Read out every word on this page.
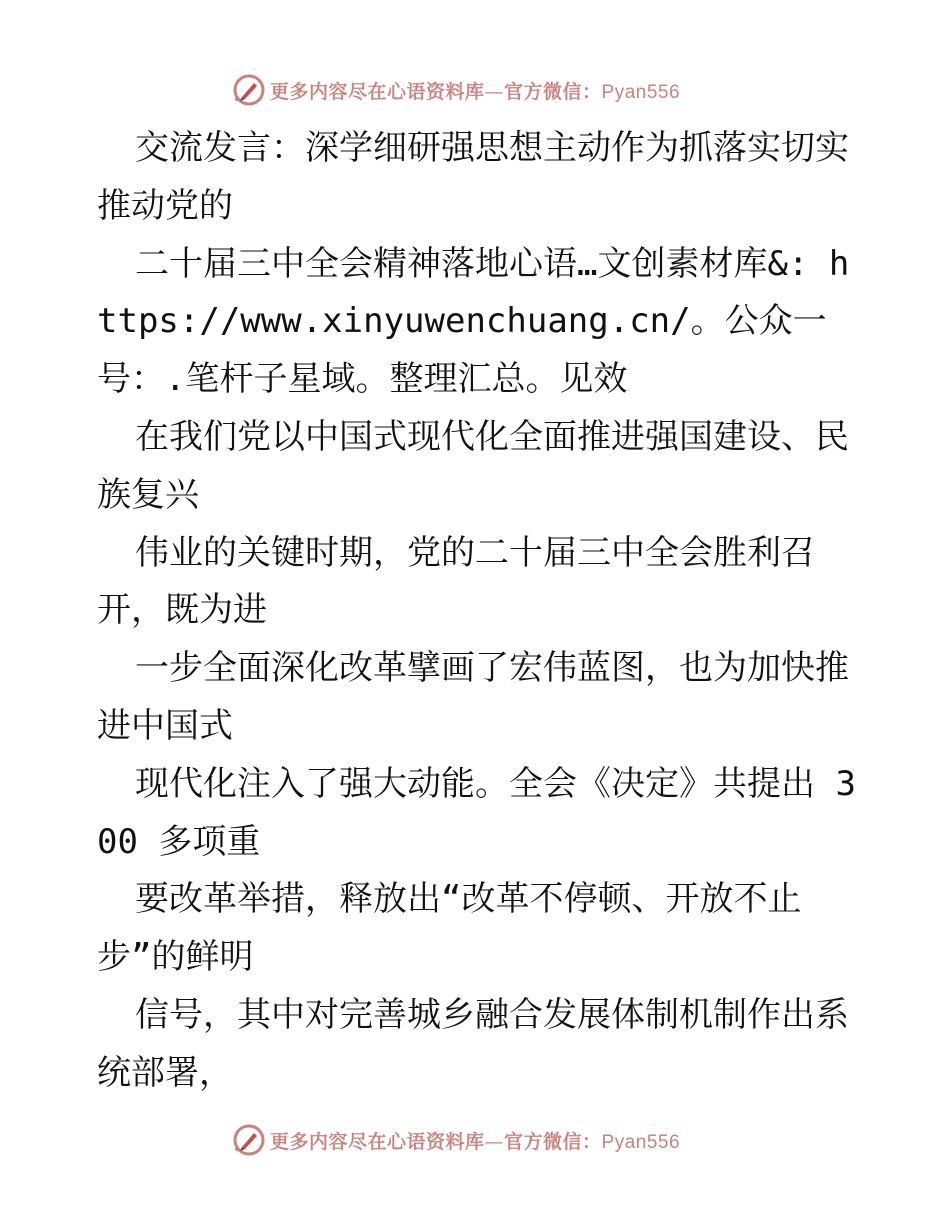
更多内容尽在心语资料库—官方微信：Pyan556

交流发言：深学细研强思想主动作为抓落实切实推动党的

二十届三中全会精神落地心语…文创素材库&: https://www.xinyuwenchuang.cn/。公众一号：.笔杆子星域。整理汇总。见效

在我们党以中国式现代化全面推进强国建设、民族复兴

伟业的关键时期，党的二十届三中全会胜利召开，既为进

一步全面深化改革擘画了宏伟蓝图，也为加快推进中国式

现代化注入了强大动能。全会《决定》共提出 300 多项重

要改革举措，释放出“改革不停顿、开放不止步”的鲜明

信号，其中对完善城乡融合发展体制机制作出系统部署，

更多内容尽在心语资料库—官方微信：Pyan556
